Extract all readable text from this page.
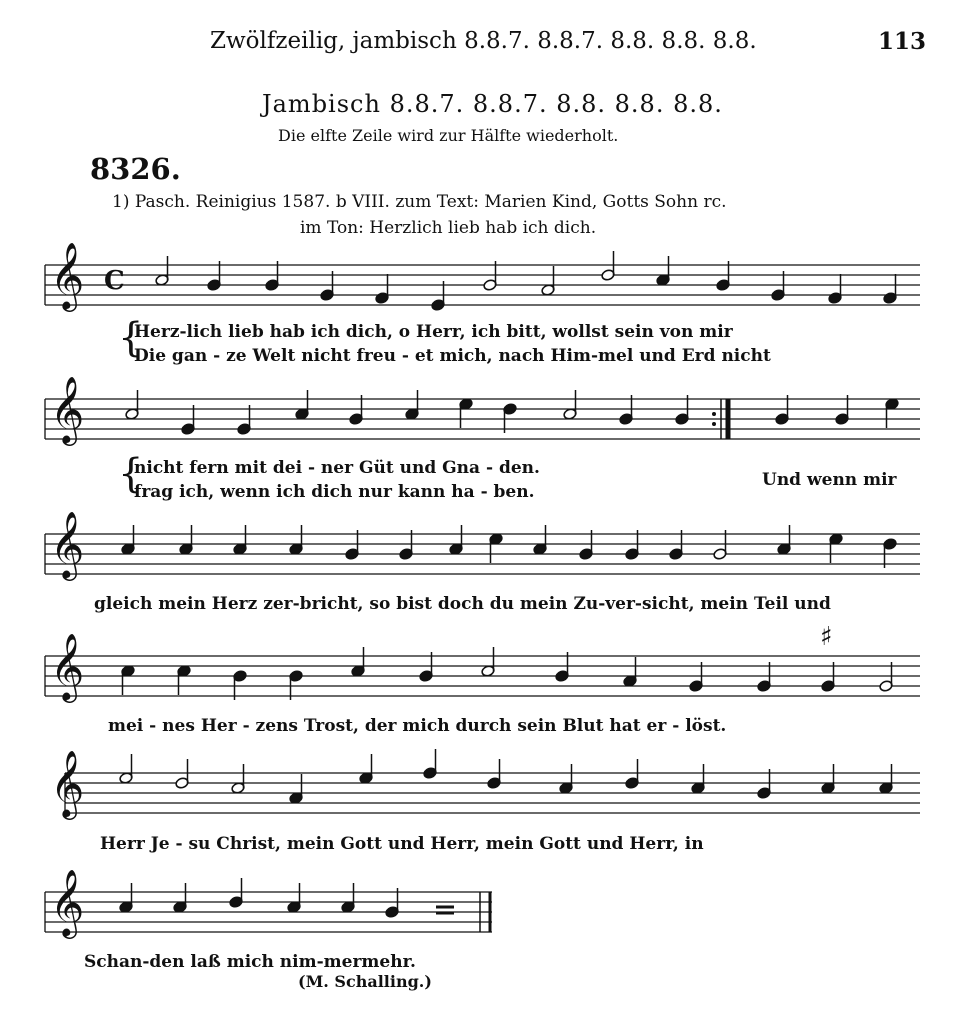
Zwölfzeilig, jambisch 8.8.7. 8.8.7. 8.8. 8.8. 8.8.	113
Jambisch 8.8.7. 8.8.7. 8.8. 8.8. 8.8.
Die elfte Zeile wird zur Hälfte wiederholt.
8326.
1) Pasch. Reinigius 1587. b VIII. zum Text: Marien Kind, Gotts Sohn rc.
im Ton: Herzlich lieb hab ich dich.
𝄞 C
{
Herz-lich lieb hab ich dich, o Herr, ich bitt, wollst sein von mir
Die gan - ze Welt nicht freu - et mich, nach Him-mel und Erd nicht
𝄞
{
nicht fern mit dei - ner Güt und Gna - den.
frag ich, wenn ich dich nur kann ha - ben.
Und wenn mir
𝄞
gleich mein Herz zer-bricht, so bist doch du mein Zu-ver-sicht, mein Teil und
𝄞	♯
mei - nes Her - zens Trost, der mich durch sein Blut hat er - löst.
𝄞
Herr Je - su Christ, mein Gott und Herr, mein Gott und Herr, in
𝄞
Schan-den laß mich nim-mermehr.
(M. Schalling.)
